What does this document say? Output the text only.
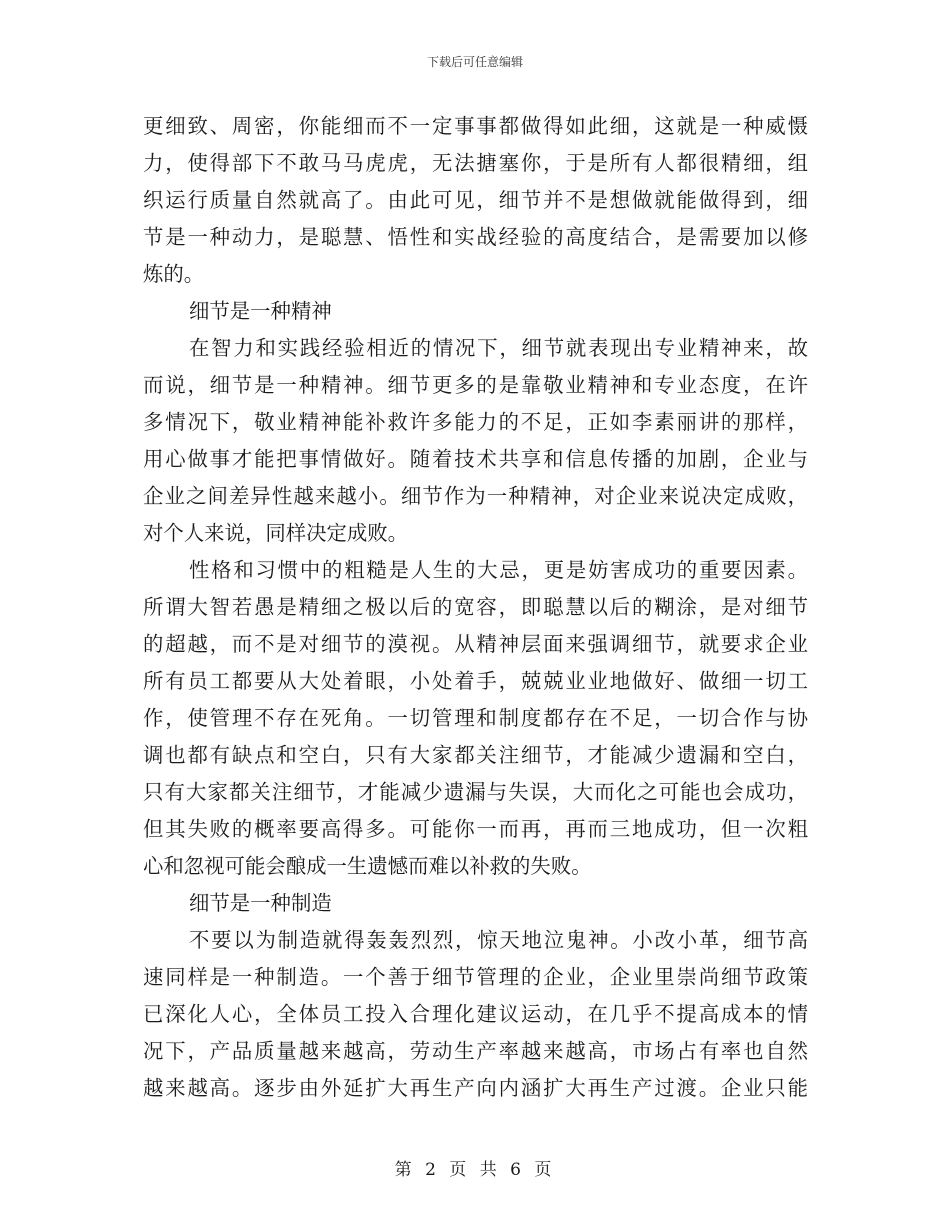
下载后可任意编辑
更细致、周密，你能细而不一定事事都做得如此细，这就是一种威慑
力，使得部下不敢马马虎虎，无法搪塞你，于是所有人都很精细，组
织运行质量自然就高了。由此可见，细节并不是想做就能做得到，细
节是一种动力，是聪慧、悟性和实战经验的高度结合，是需要加以修
炼的。
细节是一种精神
在智力和实践经验相近的情况下，细节就表现出专业精神来，故
而说，细节是一种精神。细节更多的是靠敬业精神和专业态度，在许
多情况下，敬业精神能补救许多能力的不足，正如李素丽讲的那样，
用心做事才能把事情做好。随着技术共享和信息传播的加剧，企业与
企业之间差异性越来越小。细节作为一种精神，对企业来说决定成败，
对个人来说，同样决定成败。
性格和习惯中的粗糙是人生的大忌，更是妨害成功的重要因素。
所谓大智若愚是精细之极以后的宽容，即聪慧以后的糊涂，是对细节
的超越，而不是对细节的漠视。从精神层面来强调细节，就要求企业
所有员工都要从大处着眼，小处着手，兢兢业业地做好、做细一切工
作，使管理不存在死角。一切管理和制度都存在不足，一切合作与协
调也都有缺点和空白，只有大家都关注细节，才能减少遗漏和空白，
只有大家都关注细节，才能减少遗漏与失误，大而化之可能也会成功，
但其失败的概率要高得多。可能你一而再，再而三地成功，但一次粗
心和忽视可能会酿成一生遗憾而难以补救的失败。
细节是一种制造
不要以为制造就得轰轰烈烈，惊天地泣鬼神。小改小革，细节高
速同样是一种制造。一个善于细节管理的企业，企业里崇尚细节政策
已深化人心，全体员工投入合理化建议运动，在几乎不提高成本的情
况下，产品质量越来越高，劳动生产率越来越高，市场占有率也自然
越来越高。逐步由外延扩大再生产向内涵扩大再生产过渡。企业只能
第 2 页 共 6 页
